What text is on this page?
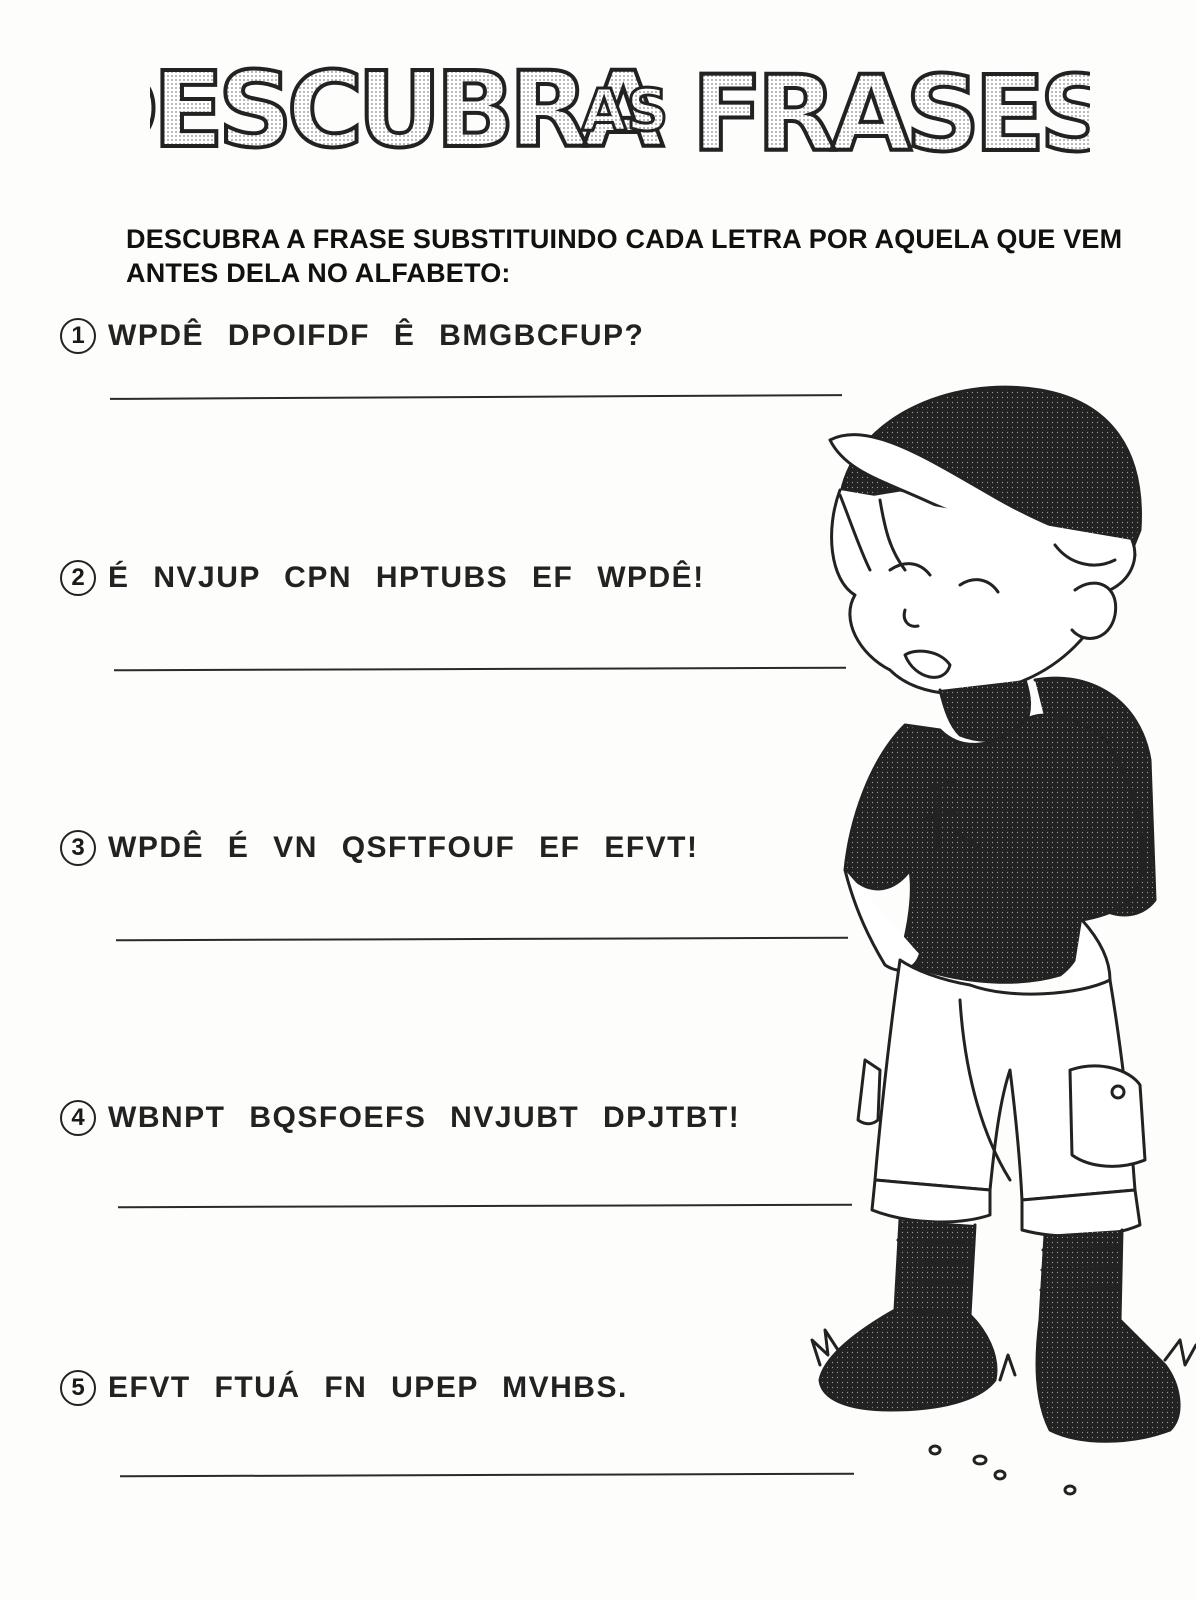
ESCUBRA
AS FRASES
DESCUBRA A FRASE SUBSTITUINDO CADA LETRA POR AQUELA QUE VEM ANTES DELA NO ALFABETO:
1 WPDÊ DPOIFDF Ê BMGBCFUP?
2 É NVJUP CPN HPTUBS EF WPDÊ!
3 WPDÊ É VN QSFTFOUF EF EFVT!
4 WBNPT BQSFOEFS NVJUBT DPJTBT!
5 EFVT FTUÁ FN UPEP MVHBS.
